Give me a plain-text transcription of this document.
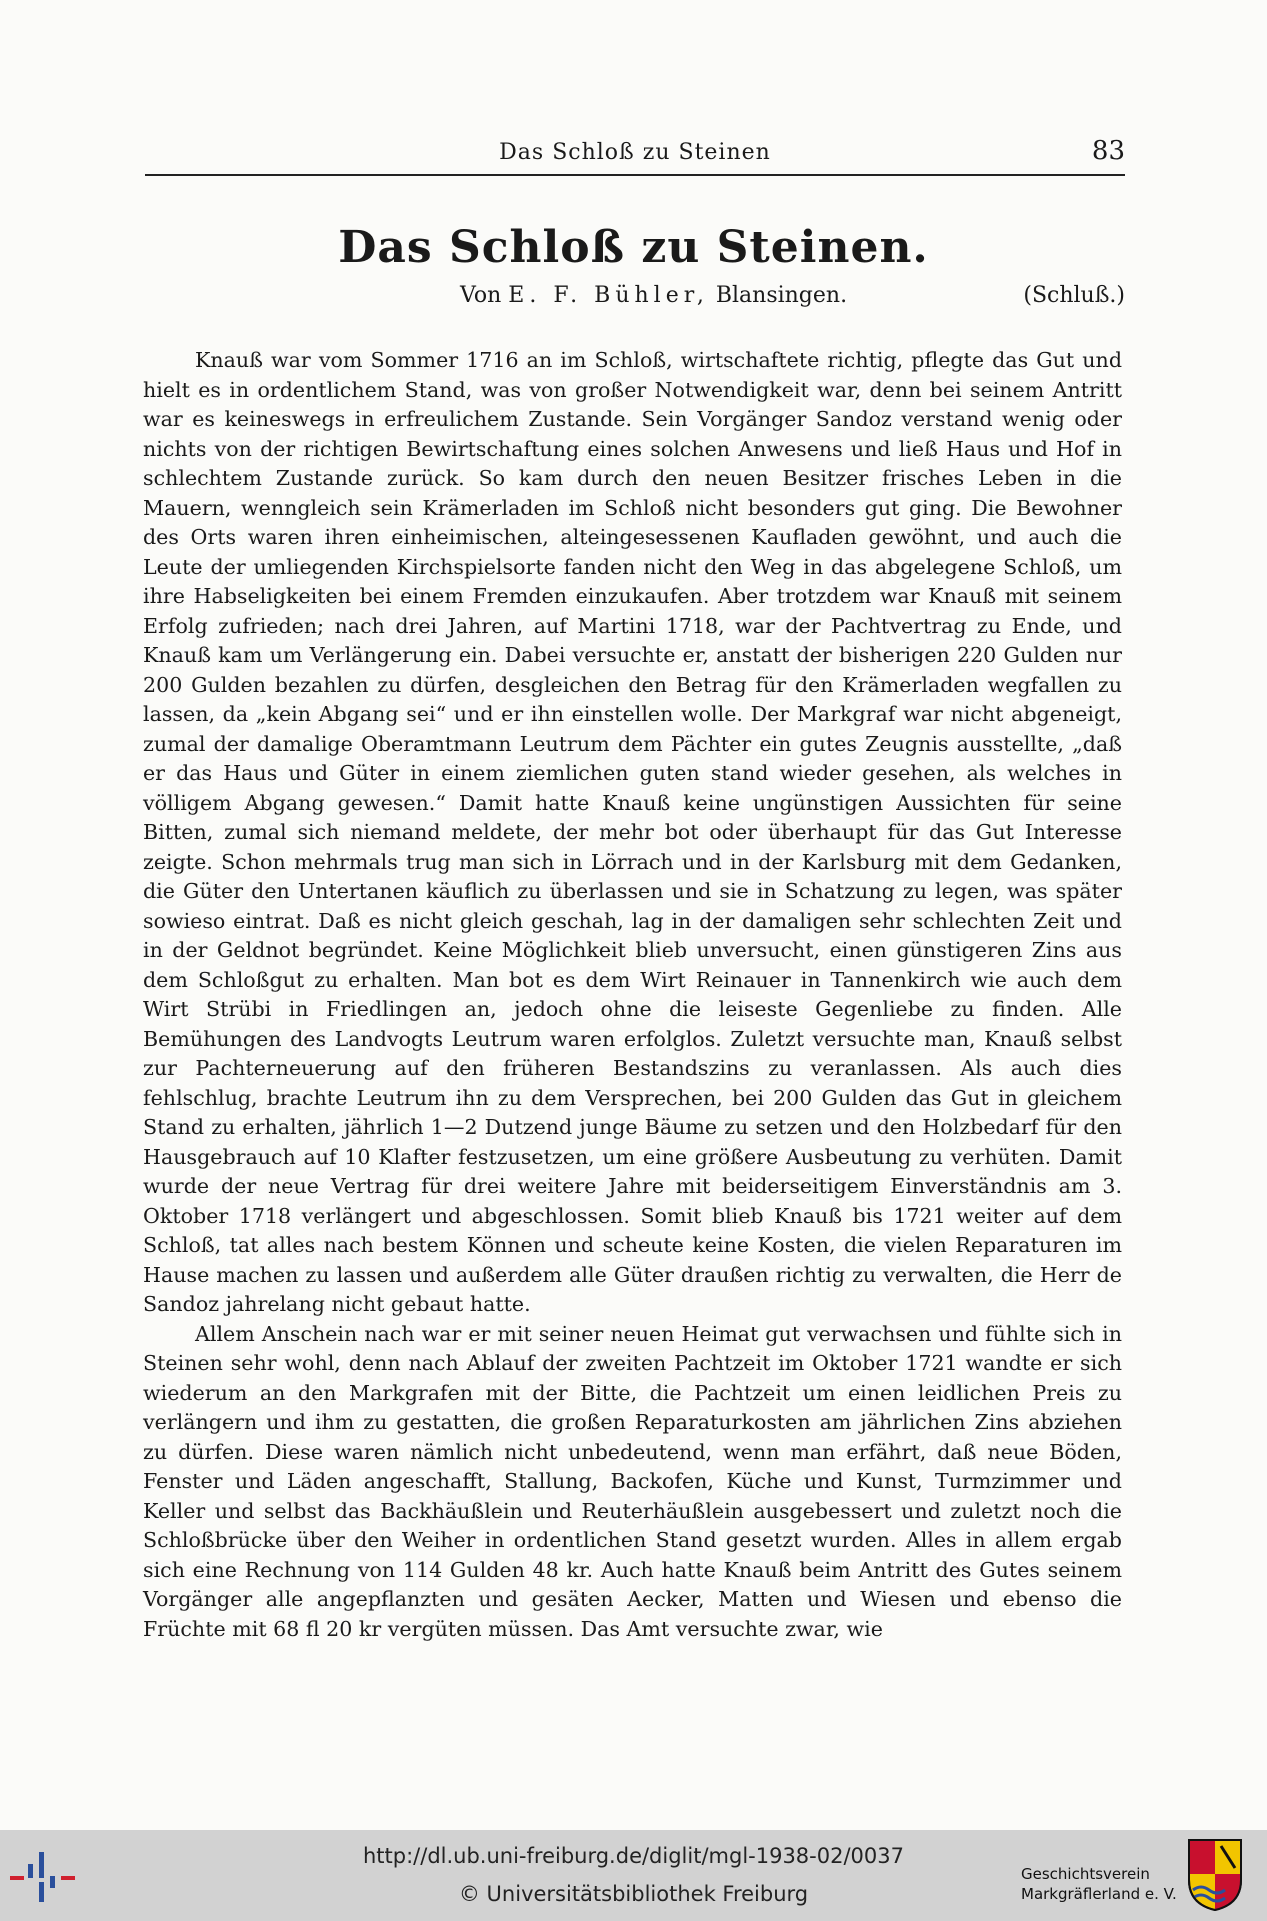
Das Schloß zu Steinen	83
Das Schloß zu Steinen.
Von E. F. Bühler, Blansingen.	(Schluß.)

Knauß war vom Sommer 1716 an im Schloß, wirtschaftete richtig, pflegte das Gut und hielt es in ordentlichem Stand, was von großer Notwendigkeit war, denn bei seinem Antritt war es keineswegs in erfreulichem Zustande. Sein Vorgänger Sandoz verstand wenig oder nichts von der richtigen Bewirtschaftung eines solchen Anwesens und ließ Haus und Hof in schlechtem Zustande zurück. So kam durch den neuen Besitzer frisches Leben in die Mauern, wenngleich sein Krämerladen im Schloß nicht besonders gut ging. Die Bewohner des Orts waren ihren einheimischen, alteingesessenen Kaufladen gewöhnt, und auch die Leute der umliegenden Kirchspielsorte fanden nicht den Weg in das abgelegene Schloß, um ihre Habseligkeiten bei einem Fremden einzukaufen. Aber trotzdem war Knauß mit seinem Erfolg zufrieden; nach drei Jahren, auf Martini 1718, war der Pachtvertrag zu Ende, und Knauß kam um Verlängerung ein. Dabei versuchte er, anstatt der bisherigen 220 Gulden nur 200 Gulden bezahlen zu dürfen, desgleichen den Betrag für den Krämerladen wegfallen zu lassen, da „kein Abgang sei“ und er ihn einstellen wolle. Der Markgraf war nicht abgeneigt, zumal der damalige Oberamtmann Leutrum dem Pächter ein gutes Zeugnis ausstellte, „daß er das Haus und Güter in einem ziemlichen guten stand wieder gesehen, als welches in völligem Abgang gewesen.“ Damit hatte Knauß keine ungünstigen Aussichten für seine Bitten, zumal sich niemand meldete, der mehr bot oder überhaupt für das Gut Interesse zeigte. Schon mehrmals trug man sich in Lörrach und in der Karlsburg mit dem Gedanken, die Güter den Untertanen käuflich zu überlassen und sie in Schatzung zu legen, was später sowieso eintrat. Daß es nicht gleich geschah, lag in der damaligen sehr schlechten Zeit und in der Geldnot begründet. Keine Möglichkeit blieb unversucht, einen günstigeren Zins aus dem Schloßgut zu erhalten. Man bot es dem Wirt Reinauer in Tannenkirch wie auch dem Wirt Strübi in Friedlingen an, jedoch ohne die leiseste Gegenliebe zu finden. Alle Bemühungen des Landvogts Leutrum waren erfolglos. Zuletzt versuchte man, Knauß selbst zur Pachterneuerung auf den früheren Bestandszins zu veranlassen. Als auch dies fehlschlug, brachte Leutrum ihn zu dem Versprechen, bei 200 Gulden das Gut in gleichem Stand zu erhalten, jährlich 1—2 Dutzend junge Bäume zu setzen und den Holzbedarf für den Hausgebrauch auf 10 Klafter festzusetzen, um eine größere Ausbeutung zu verhüten. Damit wurde der neue Vertrag für drei weitere Jahre mit beiderseitigem Einverständnis am 3. Oktober 1718 verlängert und abgeschlossen. Somit blieb Knauß bis 1721 weiter auf dem Schloß, tat alles nach bestem Können und scheute keine Kosten, die vielen Reparaturen im Hause machen zu lassen und außerdem alle Güter draußen richtig zu verwalten, die Herr de Sandoz jahrelang nicht gebaut hatte.

Allem Anschein nach war er mit seiner neuen Heimat gut verwachsen und fühlte sich in Steinen sehr wohl, denn nach Ablauf der zweiten Pachtzeit im Oktober 1721 wandte er sich wiederum an den Markgrafen mit der Bitte, die Pachtzeit um einen leidlichen Preis zu verlängern und ihm zu gestatten, die großen Reparaturkosten am jährlichen Zins abziehen zu dürfen. Diese waren nämlich nicht unbedeutend, wenn man erfährt, daß neue Böden, Fenster und Läden angeschafft, Stallung, Backofen, Küche und Kunst, Turmzimmer und Keller und selbst das Backhäußlein und Reuterhäußlein ausgebessert und zuletzt noch die Schloßbrücke über den Weiher in ordentlichen Stand gesetzt wurden. Alles in allem ergab sich eine Rechnung von 114 Gulden 48 kr. Auch hatte Knauß beim Antritt des Gutes seinem Vorgänger alle angepflanzten und gesäten Aecker, Matten und Wiesen und ebenso die Früchte mit 68 fl 20 kr vergüten müssen. Das Amt versuchte zwar, wie

http://dl.ub.uni-freiburg.de/diglit/mgl-1938-02/0037
© Universitätsbibliothek Freiburg
Geschichtsverein
Markgräflerland e. V.
